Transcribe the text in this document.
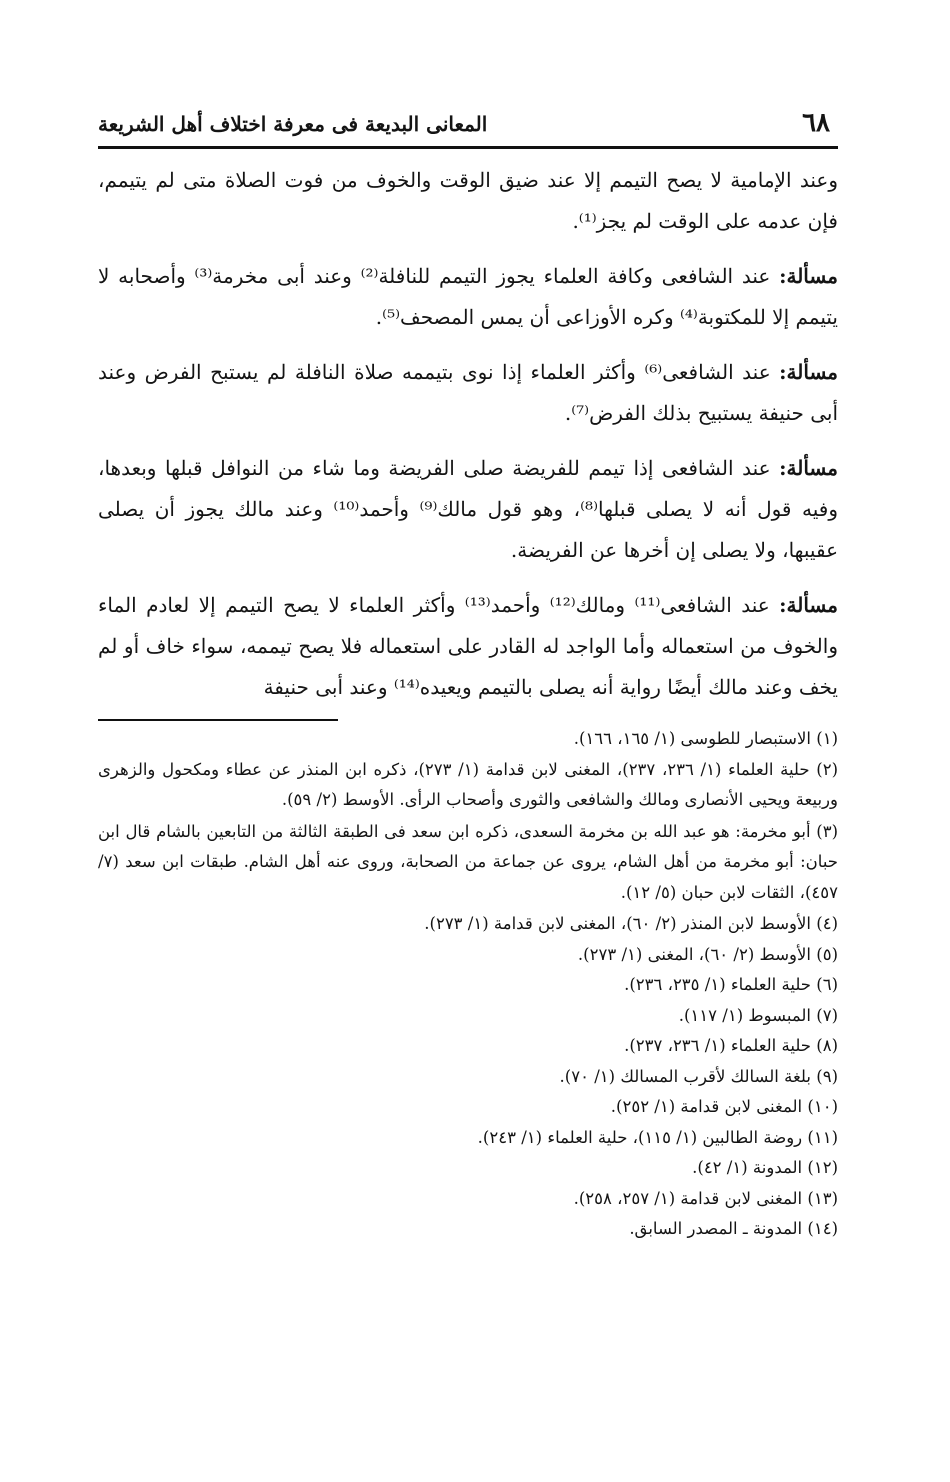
٦٨
المعانى البديعة فى معرفة اختلاف أهل الشريعة

وعند الإمامية لا يصح التيمم إلا عند ضيق الوقت والخوف من فوت الصلاة متى لم يتيمم، فإن عدمه على الوقت لم يجز⁽¹⁾.

مسألة: عند الشافعى وكافة العلماء يجوز التيمم للنافلة⁽²⁾ وعند أبى مخرمة⁽³⁾ وأصحابه لا يتيمم إلا للمكتوبة⁽⁴⁾ وكره الأوزاعى أن يمس المصحف⁽⁵⁾.

مسألة: عند الشافعى⁽⁶⁾ وأكثر العلماء إذا نوى بتيممه صلاة النافلة لم يستبح الفرض وعند أبى حنيفة يستبيح بذلك الفرض⁽⁷⁾.

مسألة: عند الشافعى إذا تيمم للفريضة صلى الفريضة وما شاء من النوافل قبلها وبعدها، وفيه قول أنه لا يصلى قبلها⁽⁸⁾، وهو قول مالك⁽⁹⁾ وأحمد⁽¹⁰⁾ وعند مالك يجوز أن يصلى عقيبها، ولا يصلى إن أخرها عن الفريضة.

مسألة: عند الشافعى⁽¹¹⁾ ومالك⁽¹²⁾ وأحمد⁽¹³⁾ وأكثر العلماء لا يصح التيمم إلا لعادم الماء والخوف من استعماله وأما الواجد له القادر على استعماله فلا يصح تيممه، سواء خاف أو لم يخف وعند مالك أيضًا رواية أنه يصلى بالتيمم ويعيده⁽¹⁴⁾ وعند أبى حنيفة

(١) الاستبصار للطوسى (١/ ١٦٥، ١٦٦).

(٢) حلية العلماء (١/ ٢٣٦، ٢٣٧)، المغنى لابن قدامة (١/ ٢٧٣)، ذكره ابن المنذر عن عطاء ومكحول والزهرى وربيعة ويحيى الأنصارى ومالك والشافعى والثورى وأصحاب الرأى. الأوسط (٢/ ٥٩).

(٣) أبو مخرمة: هو عبد الله بن مخرمة السعدى، ذكره ابن سعد فى الطبقة الثالثة من التابعين بالشام قال ابن حبان: أبو مخرمة من أهل الشام، يروى عن جماعة من الصحابة، وروى عنه أهل الشام. طبقات ابن سعد (٧/ ٤٥٧)، الثقات لابن حبان (٥/ ١٢).

(٤) الأوسط لابن المنذر (٢/ ٦٠)، المغنى لابن قدامة (١/ ٢٧٣).

(٥) الأوسط (٢/ ٦٠)، المغنى (١/ ٢٧٣).

(٦) حلية العلماء (١/ ٢٣٥، ٢٣٦).

(٧) المبسوط (١/ ١١٧).

(٨) حلية العلماء (١/ ٢٣٦، ٢٣٧).

(٩) بلغة السالك لأقرب المسالك (١/ ٧٠).

(١٠) المغنى لابن قدامة (١/ ٢٥٢).

(١١) روضة الطالبين (١/ ١١٥)، حلية العلماء (١/ ٢٤٣).

(١٢) المدونة (١/ ٤٢).

(١٣) المغنى لابن قدامة (١/ ٢٥٧، ٢٥٨).

(١٤) المدونة ـ المصدر السابق.
